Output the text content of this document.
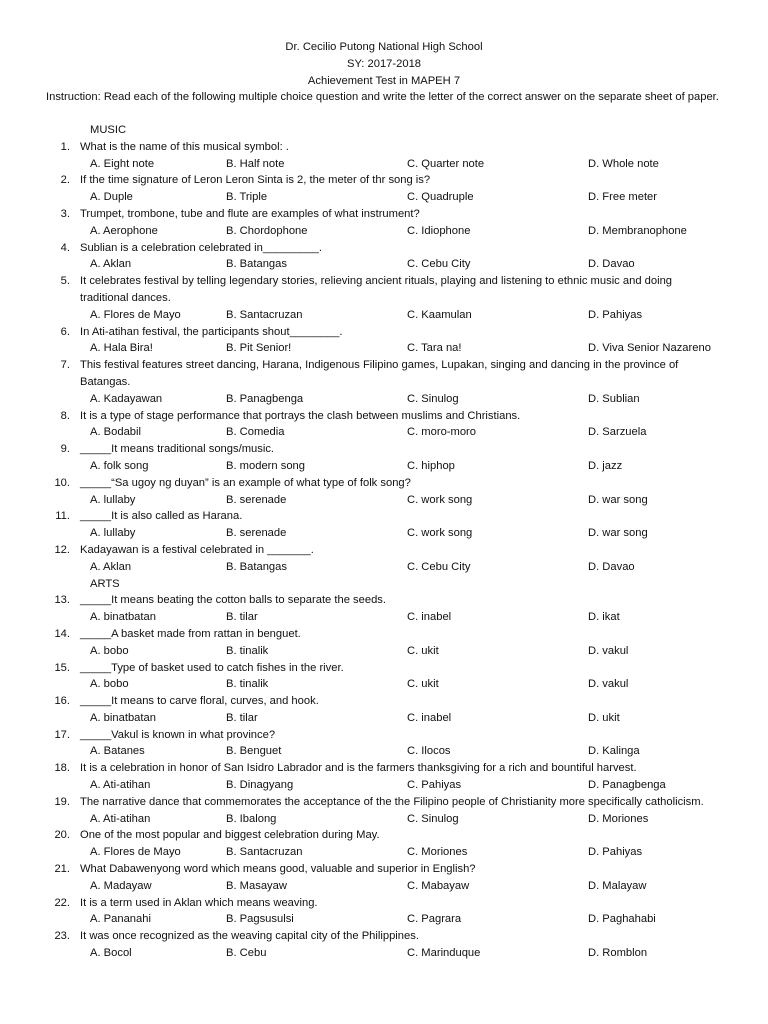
Dr. Cecilio Putong National High School
SY: 2017-2018
Achievement Test in MAPEH 7
Instruction: Read each of the following multiple choice question and write the letter of the correct answer on the separate sheet of paper.
MUSIC
1. What is the name of this musical symbol: .
A. Eight note	B. Half note	C. Quarter note	D. Whole note
2. If the time signature of Leron Leron Sinta is 2, the meter of thr song is?
A. Duple	B. Triple	C. Quadruple	D. Free meter
3. Trumpet, trombone, tube and flute are examples of what instrument?
A. Aerophone	B. Chordophone	C. Idiophone	D. Membranophone
4. Sublian is a celebration celebrated in_________.
A. Aklan	B. Batangas	C. Cebu City	D. Davao
5. It celebrates festival by telling legendary stories, relieving ancient rituals, playing and listening to ethnic music and doing traditional dances.
A. Flores de Mayo	B. Santacruzan	C. Kaamulan	D. Pahiyas
6. In Ati-atihan festival, the participants shout________.
A. Hala Bira!	B. Pit Senior!	C. Tara na!	D. Viva Senior Nazareno
7. This festival features street dancing, Harana, Indigenous Filipino games, Lupakan, singing and dancing in the province of Batangas.
A. Kadayawan	B. Panagbenga	C. Sinulog	D. Sublian
8. It is a type of stage performance that portrays the clash between muslims and Christians.
A. Bodabil	B. Comedia	C. moro-moro	D. Sarzuela
9. _____It means traditional songs/music.
A. folk song	B. modern song	C. hiphop	D. jazz
10. _____“Sa ugoy ng duyan” is an example of what type of folk song?
A. lullaby	B. serenade	C. work song	D. war song
11. _____It is also called as Harana.
A. lullaby	B. serenade	C. work song	D. war song
12. Kadayawan is a festival celebrated in _______.
A. Aklan	B. Batangas	C. Cebu City	D. Davao
ARTS
13. _____It means beating the cotton balls to separate the seeds.
A. binatbatan	B. tilar	C. inabel	D. ikat
14. _____A basket made from rattan in benguet.
A. bobo	B. tinalik	C. ukit	D. vakul
15. _____Type of basket used to catch fishes in the river.
A. bobo	B. tinalik	C. ukit	D. vakul
16. _____It means to carve floral, curves, and hook.
A. binatbatan	B. tilar	C. inabel	D. ukit
17. _____Vakul is known in what province?
A. Batanes	B. Benguet	C. Ilocos	D. Kalinga
18. It is a celebration in honor of San Isidro Labrador and is the farmers thanksgiving for a rich and bountiful harvest.
A. Ati-atihan	B. Dinagyang	C. Pahiyas	D. Panagbenga
19. The narrative dance that commemorates the acceptance of the the Filipino people of Christianity more specifically catholicism.
A. Ati-atihan	B. Ibalong	C. Sinulog	D. Moriones
20. One of the most popular and biggest celebration during May.
A. Flores de Mayo	B. Santacruzan	C. Moriones	D. Pahiyas
21. What Dabawenyong word which means good, valuable and superior in English?
A. Madayaw	B. Masayaw	C. Mabayaw	D. Malayaw
22. It is a term used in Aklan which means weaving.
A. Pananahi	B. Pagsusulsi	C. Pagrara	D. Paghahabi
23. It was once recognized as the weaving capital city of the Philippines.
A. Bocol	B. Cebu	C. Marinduque	D. Romblon
